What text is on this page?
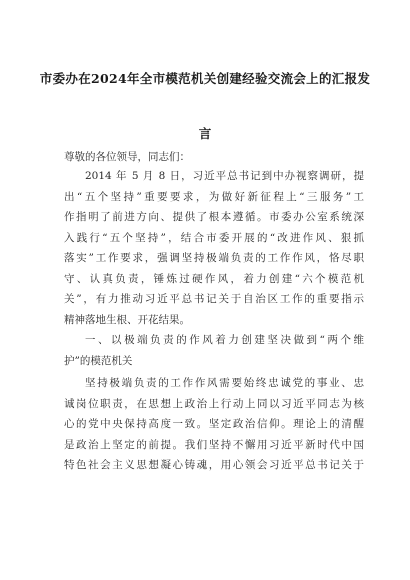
市委办在2024年全市模范机关创建经验交流会上的汇报发
言
尊敬的各位领导，同志们：
2014 年 5 月 8 日，习近平总书记到中办视察调研，提
出“五个坚持”重要要求，为做好新征程上“三服务”工
作指明了前进方向、提供了根本遵循。市委办公室系统深
入践行“五个坚持”，结合市委开展的“改进作风、狠抓
落实”工作要求，强调坚持极端负责的工作作风，恪尽职
守、认真负责，锤炼过硬作风，着力创建“六个模范机
关”，有力推动习近平总书记关于自治区工作的重要指示
精神落地生根、开花结果。
一、以极端负责的作风着力创建坚决做到“两个维
护”的模范机关
坚持极端负责的工作作风需要始终忠诚党的事业、忠
诚岗位职责，在思想上政治上行动上同以习近平同志为核
心的党中央保持高度一致。坚定政治信仰。理论上的清醒
是政治上坚定的前提。我们坚持不懈用习近平新时代中国
特色社会主义思想凝心铸魂，用心领会习近平总书记关于
